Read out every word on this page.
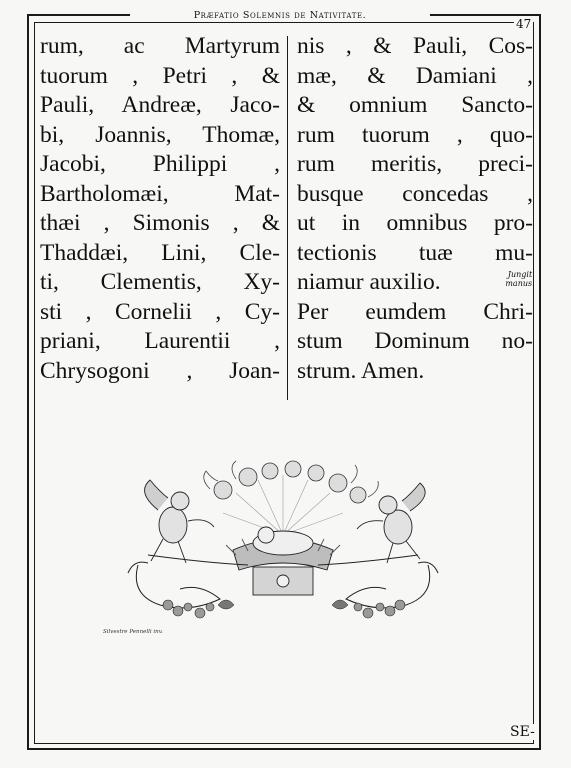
Præfatio Solemnis de Nativitate.
47
rum, ac Martyrum
tuorum , Petri , &
Pauli, Andreæ, Jaco-
bi, Joannis, Thomæ,
Jacobi, Philippi ,
Bartholomæi, Mat-
thæi , Simonis , &
Thaddæi, Lini, Cle-
ti, Clementis, Xy-
sti , Cornelii , Cy-
priani, Laurentii ,
Chrysogoni , Joan-
nis , & Pauli, Cos-
mæ, & Damiani ,
& omnium Sancto-
rum tuorum , quo-
rum meritis, preci-
busque concedas ,
ut in omnibus pro-
tectionis tuæ mu-
niamur auxilio.
Per eumdem Chri-
stum Dominum no-
strum. Amen.
Jungit
manus.
Silvestre Pennelli inv.
SE-
